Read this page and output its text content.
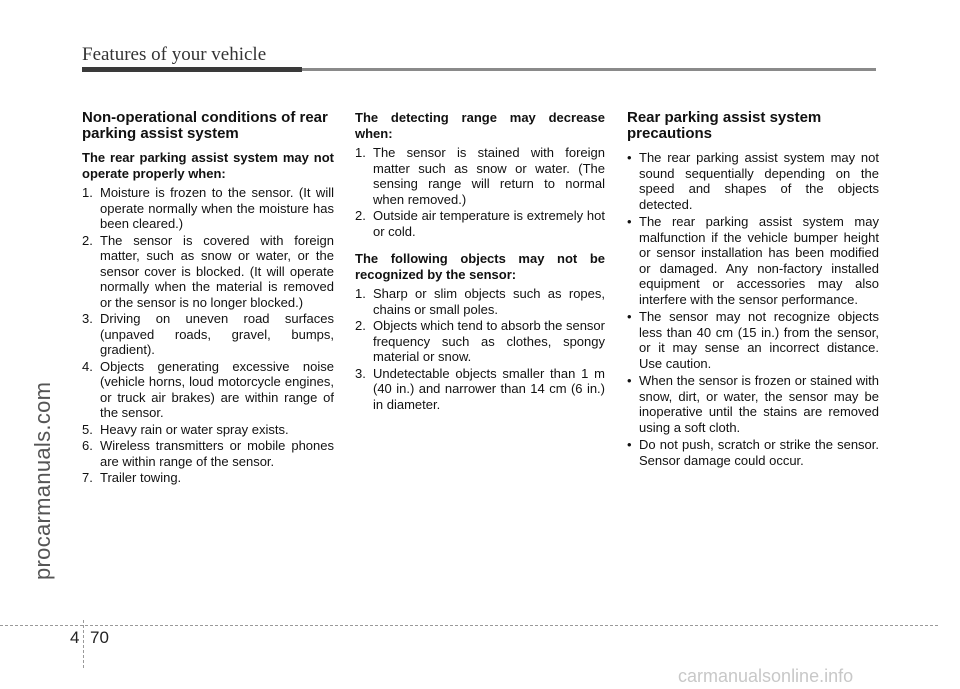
Features of your vehicle
procarmanuals.com
Non-operational conditions of rear parking assist system

The rear parking assist system may not operate properly when:

1. Moisture is frozen to the sensor. (It will operate normally when the moisture has been cleared.)
2. The sensor is covered with foreign matter, such as snow or water, or the sensor cover is blocked. (It will operate normally when the material is removed or the sensor is no longer blocked.)
3. Driving on uneven road surfaces (unpaved roads, gravel, bumps, gradient).
4. Objects generating excessive noise (vehicle horns, loud motorcycle engines, or truck air brakes) are within range of the sensor.
5. Heavy rain or water spray exists.
6. Wireless transmitters or mobile phones are within range of the sensor.
7. Trailer towing.

The detecting range may decrease when:

1. The sensor is stained with foreign matter such as snow or water. (The sensing range will return to normal when removed.)
2. Outside air temperature is extremely hot or cold.

The following objects may not be recognized by the sensor:

1. Sharp or slim objects such as ropes, chains or small poles.
2. Objects which tend to absorb the sensor frequency such as clothes, spongy material or snow.
3. Undetectable objects smaller than 1 m (40 in.) and narrower than 14 cm (6 in.) in diameter.
Rear parking assist system precautions
• The rear parking assist system may not sound sequentially depending on the speed and shapes of the objects detected.
• The rear parking assist system may malfunction if the vehicle bumper height or sensor installation has been modified or damaged. Any non-factory installed equipment or accessories may also interfere with the sensor performance.
• The sensor may not recognize objects less than 40 cm (15 in.) from the sensor, or it may sense an incorrect distance. Use caution.
• When the sensor is frozen or stained with snow, dirt, or water, the sensor may be inoperative until the stains are removed using a soft cloth.
• Do not push, scratch or strike the sensor. Sensor damage could occur.
4 70
carmanualsonline.info
